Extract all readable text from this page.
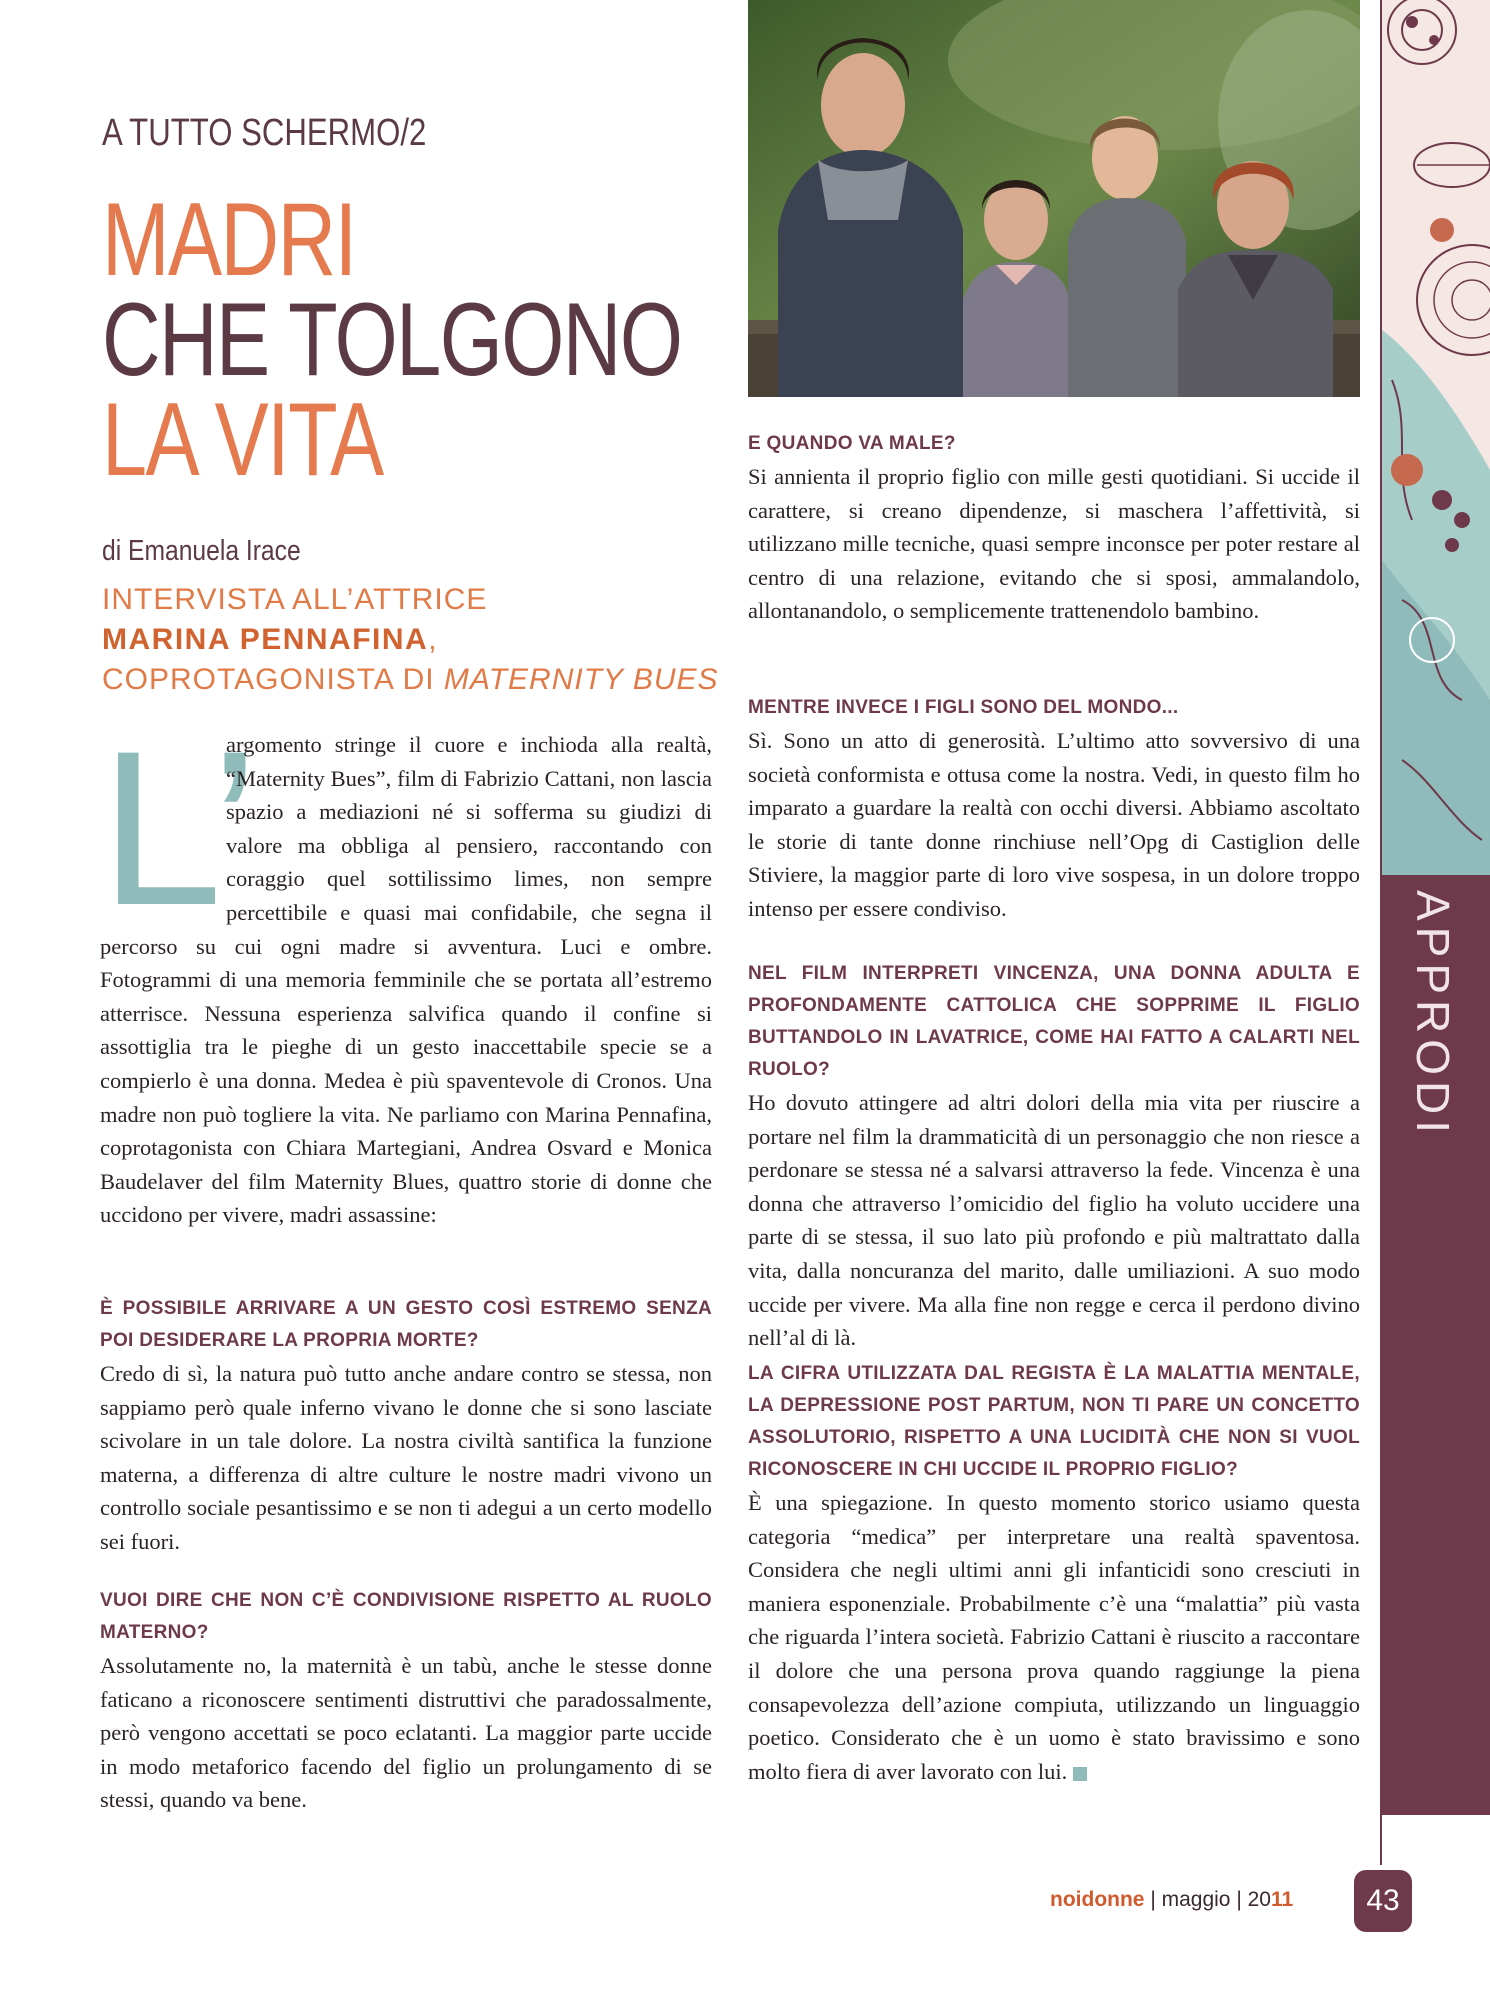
APPRODI
A TUTTO SCHERMO/2
MADRI
CHE TOLGONO
LA VITA
di Emanuela Irace
INTERVISTA ALL’ATTRICE
MARINA PENNAFINA,
COPROTAGONISTA DI MATERNITY BUES
L’

argomento stringe il cuore e inchioda alla realtà, “Maternity Bues”, film di Fabrizio Cattani, non lascia spazio a mediazioni né si sofferma su giudizi di valore ma obbliga al pensiero, raccontando con coraggio quel sottilissimo limes, non sempre percettibile e quasi mai confidabile, che segna il percorso su cui ogni madre si avventura. Luci e ombre. Fotogrammi di una memoria femminile che se portata all’estremo atterrisce. Nessuna esperienza salvifica quando il confine si assottiglia tra le pieghe di un gesto inaccettabile specie se a compierlo è una donna. Medea è più spaventevole di Cronos. Una madre non può togliere la vita. Ne parliamo con Marina Pennafina, coprotagonista con Chiara Martegiani, Andrea Osvard e Monica Baudelaver del film Maternity Blues, quattro storie di donne che uccidono per vivere, madri assassine:

È POSSIBILE ARRIVARE A UN GESTO COSÌ ESTREMO SENZA POI DESIDERARE LA PROPRIA MORTE?

Credo di sì, la natura può tutto anche andare contro se stessa, non sappiamo però quale inferno vivano le donne che si sono lasciate scivolare in un tale dolore. La nostra civiltà santifica la funzione materna, a differenza di altre culture le nostre madri vivono un controllo sociale pesantissimo e se non ti adegui a un certo modello sei fuori.

VUOI DIRE CHE NON C’È CONDIVISIONE RISPETTO AL RUOLO MATERNO?

Assolutamente no, la maternità è un tabù, anche le stesse donne faticano a riconoscere sentimenti distruttivi che paradossalmente, però vengono accettati se poco eclatanti. La maggior parte uccide in modo metaforico facendo del figlio un prolungamento di se stessi, quando va bene.

E QUANDO VA MALE?

Si annienta il proprio figlio con mille gesti quotidiani. Si uccide il carattere, si creano dipendenze, si maschera l’affettività, si utilizzano mille tecniche, quasi sempre inconsce per poter restare al centro di una relazione, evitando che si sposi, ammalandolo, allontanandolo, o semplicemente trattenendolo bambino.

MENTRE INVECE I FIGLI SONO DEL MONDO...

Sì. Sono un atto di generosità. L’ultimo atto sovversivo di una società conformista e ottusa come la nostra. Vedi, in questo film ho imparato a guardare la realtà con occhi diversi. Abbiamo ascoltato le storie di tante donne rinchiuse nell’Opg di Castiglion delle Stiviere, la maggior parte di loro vive sospesa, in un dolore troppo intenso per essere condiviso.

NEL FILM INTERPRETI VINCENZA, UNA DONNA ADULTA E PROFONDAMENTE CATTOLICA CHE SOPPRIME IL FIGLIO BUTTANDOLO IN LAVATRICE, COME HAI FATTO A CALARTI NEL RUOLO?

Ho dovuto attingere ad altri dolori della mia vita per riuscire a portare nel film la drammaticità di un personaggio che non riesce a perdonare se stessa né a salvarsi attraverso la fede. Vincenza è una donna che attraverso l’omicidio del figlio ha voluto uccidere una parte di se stessa, il suo lato più profondo e più maltrattato dalla vita, dalla noncuranza del marito, dalle umiliazioni. A suo modo uccide per vivere. Ma alla fine non regge e cerca il perdono divino nell’al di là.

LA CIFRA UTILIZZATA DAL REGISTA È LA MALATTIA MENTALE, LA DEPRESSIONE POST PARTUM, NON TI PARE UN CONCETTO ASSOLUTORIO, RISPETTO A UNA LUCIDITÀ CHE NON SI VUOL RICONOSCERE IN CHI UCCIDE IL PROPRIO FIGLIO?

È una spiegazione. In questo momento storico usiamo questa categoria “medica” per interpretare una realtà spaventosa. Considera che negli ultimi anni gli infanticidi sono cresciuti in maniera esponenziale. Probabilmente c’è una “malattia” più vasta che riguarda l’intera società. Fabrizio Cattani è riuscito a raccontare il dolore che una persona prova quando raggiunge la piena consapevolezza dell’azione compiuta, utilizzando un linguaggio poetico. Considerato che è un uomo è stato bravissimo e sono molto fiera di aver lavorato con lui.

noidonne | maggio | 2011	43
